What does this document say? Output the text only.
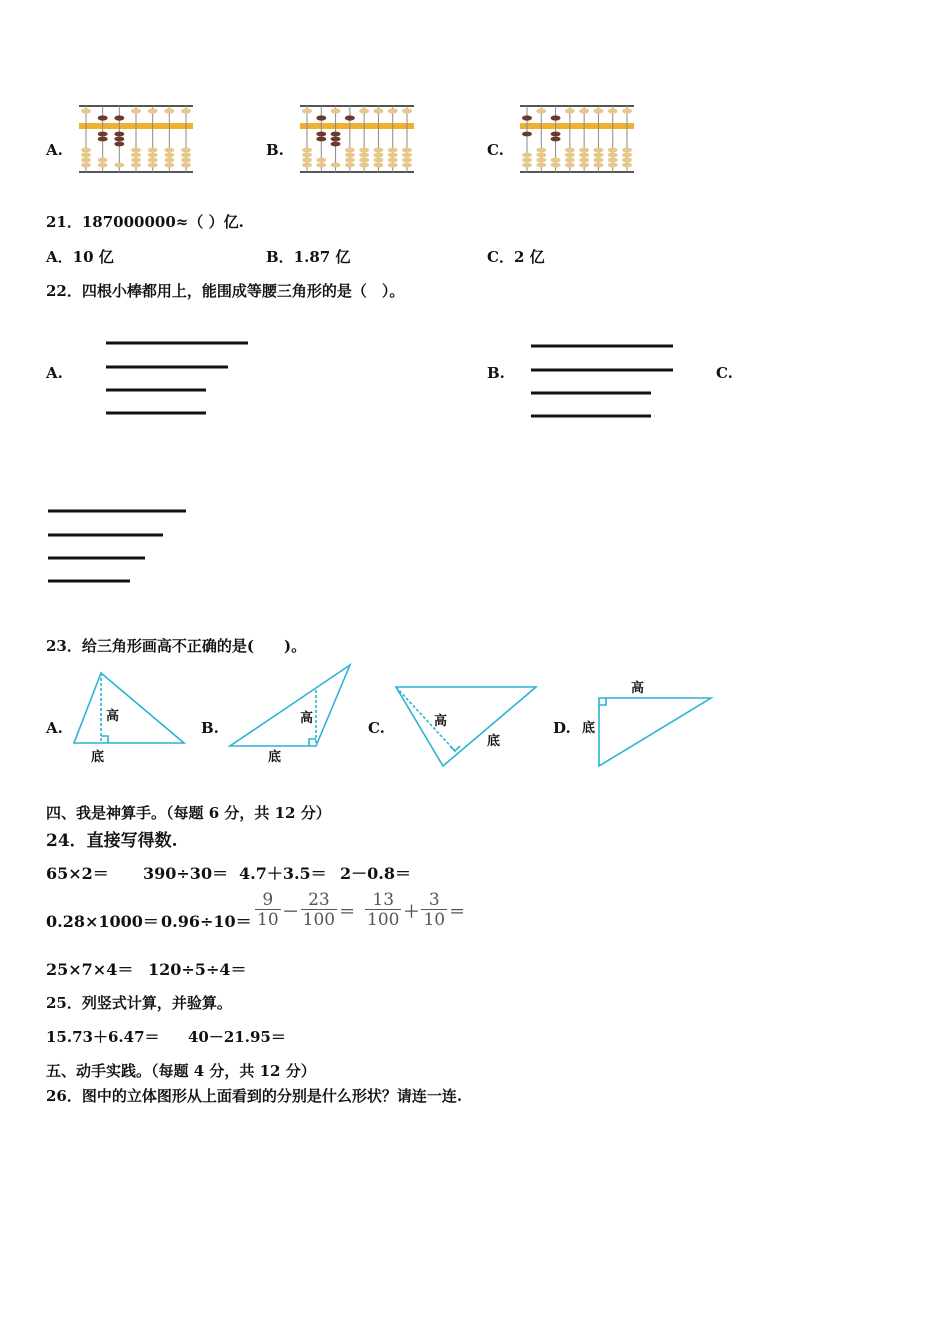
A.	B.	C.
21．187000000≈（ ）亿.
A．10 亿	B．1.87 亿	C．2 亿
22．四根小棒都用上，能围成等腰三角形的是（　）。
A.	B.	C.
23．给三角形画高不正确的是(　　)。
A.	B.	C.	D.
高
底
高
底
高
底
高
底
四、我是神算手。（每题 6 分，共 12 分）
24．直接写得数.
65×2＝ 390÷30＝ 4.7＋3.5＝ 2－0.8＝
$0.28\times 1000= 0.96\div 10= \frac{9}{10} - \frac{23}{100} = \frac{13}{100} + \frac{3}{10}$ ＝
25×7×4＝ 120÷5÷4＝
25．列竖式计算，并验算。
15.73＋6.47＝ 40－21.95＝
五、动手实践。（每题 4 分，共 12 分）
26．图中的立体图形从上面看到的分别是什么形状？请连一连.
